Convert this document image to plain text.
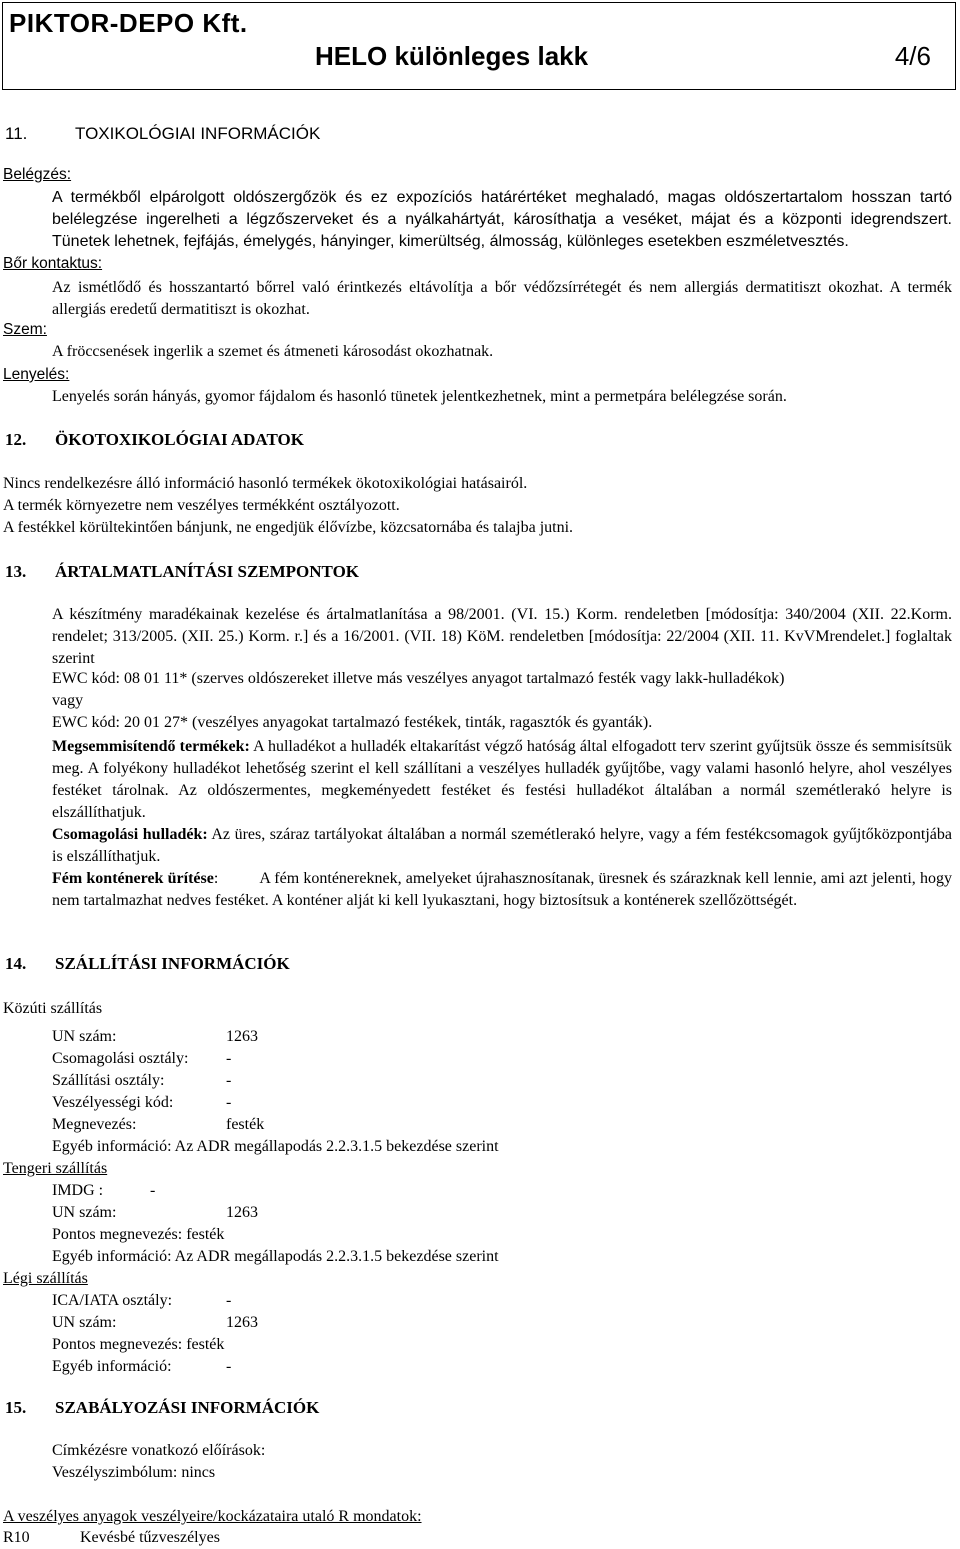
PIKTOR-DEPO Kft.
HELO különleges lakk	4/6
11.	TOXIKOLÓGIAI INFORMÁCIÓK
Belégzés:
A termékből elpárolgott oldószergőzök és ez expozíciós határértéket meghaladó, magas oldószertartalom hosszan tartó belélegzése ingerelheti a légzőszerveket és a nyálkahártyát, károsíthatja a veséket, májat és a központi idegrendszert. Tünetek lehetnek, fejfájás, émelygés, hányinger, kimerültség, álmosság, különleges esetekben eszméletvesztés.
Bőr kontaktus:
Az ismétlődő és hosszantartó bőrrel való érintkezés eltávolítja a bőr védőzsírrétegét és nem allergiás dermatitiszt okozhat. A termék allergiás eredetű dermatitiszt is okozhat.
Szem:
A fröccsenések ingerlik a szemet és átmeneti károsodást okozhatnak.
Lenyelés:
Lenyelés során hányás, gyomor fájdalom és hasonló tünetek jelentkezhetnek, mint a permetpára belélegzése során.
12. ÖKOTOXIKOLÓGIAI ADATOK
Nincs rendelkezésre álló információ hasonló termékek ökotoxikológiai hatásairól.
A termék környezetre nem veszélyes termékként osztályozott.
A festékkel körültekintően bánjunk, ne engedjük élővízbe, közcsatornába és talajba jutni.
13. ÁRTALMATLANÍTÁSI SZEMPONTOK
A készítmény maradékainak kezelése és ártalmatlanítása a 98/2001. (VI. 15.) Korm. rendeletben [módosítja: 340/2004 (XII. 22.Korm. rendelet; 313/2005. (XII. 25.) Korm. r.] és a 16/2001. (VII. 18) KöM. rendeletben [módosítja: 22/2004 (XII. 11. KvVMrendelet.] foglaltak szerint
EWC kód: 08 01 11* (szerves oldószereket illetve más veszélyes anyagot tartalmazó festék vagy lakk-hulladékok)
vagy
EWC kód: 20 01 27* (veszélyes anyagokat tartalmazó festékek, tinták, ragasztók és gyanták).
Megsemmisítendő termékek: A hulladékot a hulladék eltakarítást végző hatóság által elfogadott terv szerint gyűjtsük össze és semmisítsük meg. A folyékony hulladékot lehetőség szerint el kell szállítani a veszélyes hulladék gyűjtőbe, vagy valami hasonló helyre, ahol veszélyes festéket tárolnak. Az oldószermentes, megkeményedett festéket és festési hulladékot általában a normál szemétlerakó helyre is elszállíthatjuk.
Csomagolási hulladék: Az üres, száraz tartályokat általában a normál szemétlerakó helyre, vagy a fém festékcsomagok gyűjtőközpontjába is elszállíthatjuk.
Fém konténerek ürítése:          A fém konténereknek, amelyeket újrahasznosítanak, üresnek és szárazknak kell lennie, ami azt jelenti, hogy nem tartalmazhat nedves festéket. A konténer alját ki kell lyukasztani, hogy biztosítsuk a konténerek szellőzöttségét.
14. SZÁLLÍTÁSI INFORMÁCIÓK
Közúti szállítás
UN szám:	1263
Csomagolási osztály: -
Szállítási osztály:	-
Veszélyességi kód:	-
Megnevezés:	festék
Egyéb információ: Az ADR megállapodás 2.2.3.1.5 bekezdése szerint
Tengeri szállítás
IMDG :	-
UN szám:	1263
Pontos megnevezés: festék
Egyéb információ: Az ADR megállapodás 2.2.3.1.5 bekezdése szerint
Légi szállítás
ICA/IATA osztály:	-
UN szám:	1263
Pontos megnevezés: festék
Egyéb információ:	-
15. SZABÁLYOZÁSI INFORMÁCIÓK
Címkézésre vonatkozó előírások:
Veszélyszimbólum: nincs
A veszélyes anyagok veszélyeire/kockázataira utaló R mondatok:
R10	Kevésbé tűzveszélyes
